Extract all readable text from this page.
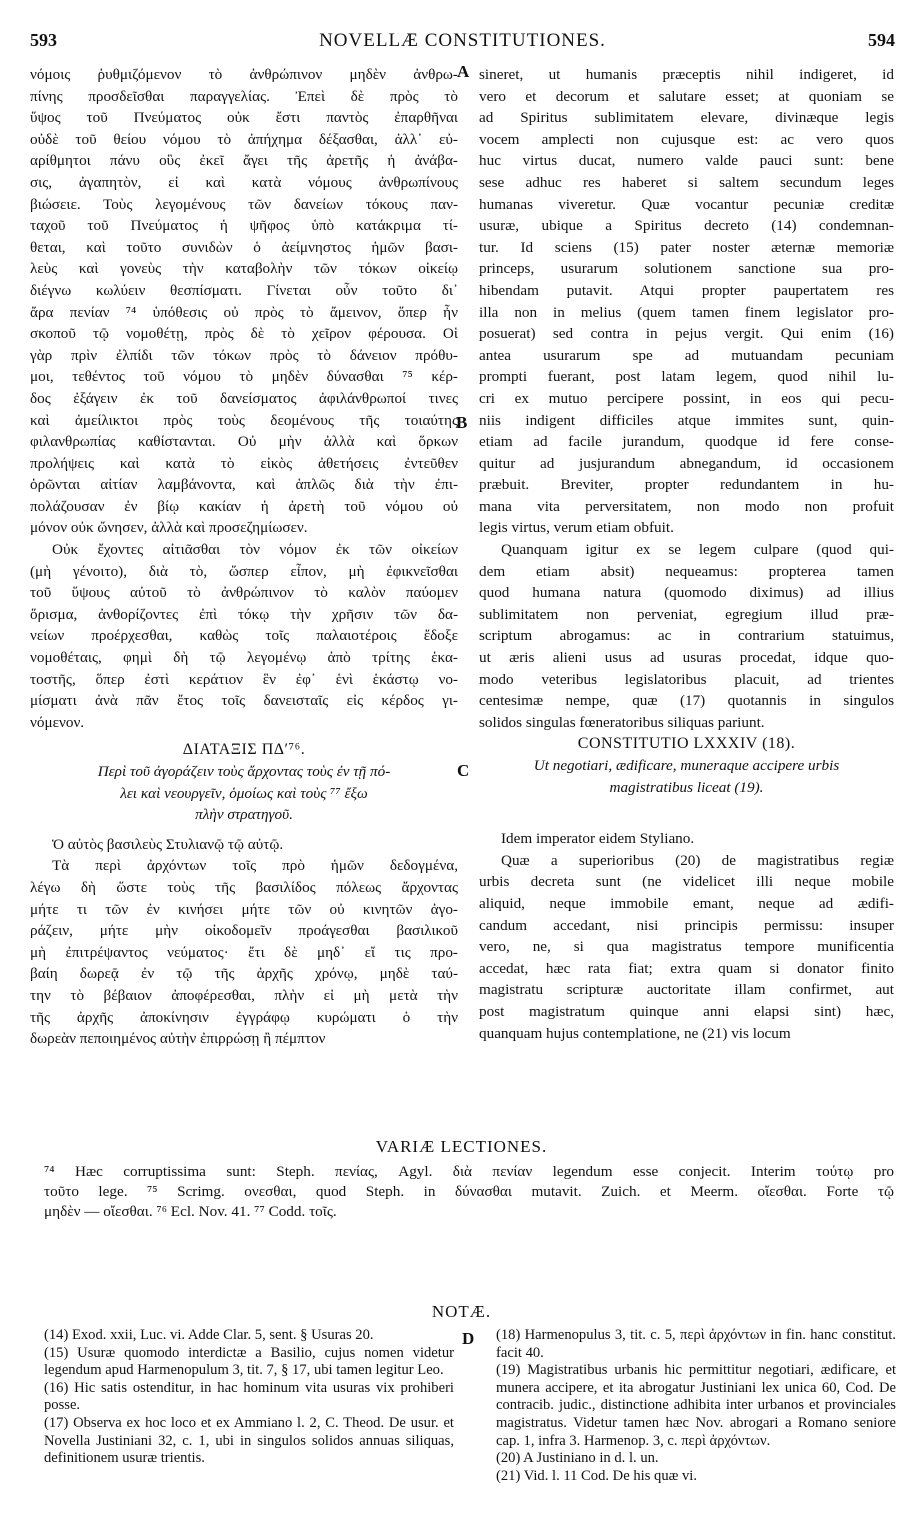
593	NOVELLÆ CONSTITUTIONES.	594
A
B
C
D

νόμοις ῥυθμιζόμενον τὸ ἀνθρώπινον μηδὲν ἀνθρω-

πίνης προσδεῖσθαι παραγγελίας. Ἐπεὶ δὲ πρὸς τὸ

ὕψος τοῦ Πνεύματος οὐκ ἔστι παντὸς ἐπαρθῆναι

οὐδὲ τοῦ θείου νόμου τὸ ἀπήχημα δέξασθαι, ἀλλ᾽ εὐ-

αρίθμητοι πάνυ οὓς ἐκεῖ ἄγει τῆς ἀρετῆς ἡ ἀνάβα-

σις, ἀγαπητὸν, εἰ καὶ κατὰ νόμους ἀνθρωπίνους

βιώσειε. Τοὺς λεγομένους τῶν δανείων τόκους παν-

ταχοῦ τοῦ Πνεύματος ἡ ψῆφος ὑπὸ κατάκριμα τί-

θεται, καὶ τοῦτο συνιδὼν ὁ ἀείμνηστος ἡμῶν βασι-

λεὺς καὶ γονεὺς τὴν καταβολὴν τῶν τόκων οἰκείῳ

διέγνω κωλύειν θεσπίσματι. Γίνεται οὖν τοῦτο δι᾽

ἄρα πενίαν ⁷⁴ ὑπόθεσις οὐ πρὸς τὸ ἄμεινον, ὅπερ ἦν

σκοποῦ τῷ νομοθέτῃ, πρὸς δὲ τὸ χεῖρον φέρουσα. Οἱ

γὰρ πρὶν ἐλπίδι τῶν τόκων πρὸς τὸ δάνειον πρόθυ-

μοι, τεθέντος τοῦ νόμου τὸ μηδὲν δύνασθαι ⁷⁵ κέρ-

δος ἐξάγειν ἐκ τοῦ δανείσματος ἀφιλάνθρωποί τινες

καὶ ἀμείλικτοι πρὸς τοὺς δεομένους τῆς τοιαύτης

φιλανθρωπίας καθίστανται. Οὐ μὴν ἀλλὰ καὶ ὅρκων

προλήψεις καὶ κατὰ τὸ εἰκὸς ἀθετήσεις ἐντεῦθεν

ὁρῶνται αἰτίαν λαμβάνοντα, καὶ ἁπλῶς διὰ τὴν ἐπι-

πολάζουσαν ἐν βίῳ κακίαν ἡ ἀρετὴ τοῦ νόμου οὐ

μόνον οὐκ ὤνησεν, ἀλλὰ καὶ προσεζημίωσεν.

Οὐκ ἔχοντες αἰτιᾶσθαι τὸν νόμον ἐκ τῶν οἰκείων

(μὴ γένοιτο), διὰ τὸ, ὥσπερ εἶπον, μὴ ἐφικνεῖσθαι

τοῦ ὕψους αὐτοῦ τὸ ἀνθρώπινον τὸ καλὸν παύομεν

ὅρισμα, ἀνθορίζοντες ἐπὶ τόκῳ τὴν χρῆσιν τῶν δα-

νείων προέρχεσθαι, καθὼς τοῖς παλαιοτέροις ἔδοξε

νομοθέταις, φημὶ δὴ τῷ λεγομένῳ ἀπὸ τρίτης ἑκα-

τοστῆς, ὅπερ ἐστὶ κεράτιον ἓν ἐφ᾽ ἑνὶ ἑκάστῳ νο-

μίσματι ἀνὰ πᾶν ἔτος τοῖς δανεισταῖς εἰς κέρδος γι-

νόμενον.

ΔΙΑΤΑΞΙΣ ΠΔ′⁷⁶.

Περὶ τοῦ ἀγοράζειν τοὺς ἄρχοντας τοὺς ἐν τῇ πό-

λει καὶ νεουργεῖν, ὁμοίως καὶ τοὺς ⁷⁷ ἔξω

πλὴν στρατηγοῦ.

Ὁ αὐτὸς βασιλεὺς Στυλιανῷ τῷ αὐτῷ.

Τὰ περὶ ἀρχόντων τοῖς πρὸ ἡμῶν δεδογμένα,

λέγω δὴ ὥστε τοὺς τῆς βασιλίδος πόλεως ἄρχοντας

μήτε τι τῶν ἐν κινήσει μήτε τῶν οὐ κινητῶν ἀγο-

ράζειν, μήτε μὴν οἰκοδομεῖν προάγεσθαι βασιλικοῦ

μὴ ἐπιτρέψαντος νεύματος· ἔτι δὲ μηδ᾽ εἴ τις προ-

βαίη δωρεᾷ ἐν τῷ τῆς ἀρχῆς χρόνῳ, μηδὲ ταύ-

την τὸ βέβαιον ἀποφέρεσθαι, πλὴν εἰ μὴ μετὰ τὴν

τῆς ἀρχῆς ἀποκίνησιν ἐγγράφῳ κυρώματι ὁ τὴν

δωρεὰν πεποιημένος αὐτὴν ἐπιρρώσῃ ἢ πέμπτον

sineret, ut humanis præceptis nihil indigeret, id

vero et decorum et salutare esset; at quoniam se

ad Spiritus sublimitatem elevare, divinæque legis

vocem amplecti non cujusque est: ac vero quos

huc virtus ducat, numero valde pauci sunt: bene

sese adhuc res haberet si saltem secundum leges

humanas viveretur. Quæ vocantur pecuniæ creditæ

usuræ, ubique a Spiritus decreto (14) condemnan-

tur. Id sciens (15) pater noster æternæ memoriæ

princeps, usurarum solutionem sanctione sua pro-

hibendam putavit. Atqui propter paupertatem res

illa non in melius (quem tamen finem legislator pro-

posuerat) sed contra in pejus vergit. Qui enim (16)

antea usurarum spe ad mutuandam pecuniam

prompti fuerant, post latam legem, quod nihil lu-

cri ex mutuo percipere possint, in eos qui pecu-

niis indigent difficiles atque immites sunt, quin-

etiam ad facile jurandum, quodque id fere conse-

quitur ad jusjurandum abnegandum, id occasionem

præbuit. Breviter, propter redundantem in hu-

mana vita perversitatem, non modo non profuit

legis virtus, verum etiam obfuit.

Quanquam igitur ex se legem culpare (quod qui-

dem etiam absit) nequeamus: propterea tamen

quod humana natura (quomodo diximus) ad illius

sublimitatem non perveniat, egregium illud præ-

scriptum abrogamus: ac in contrarium statuimus,

ut æris alieni usus ad usuras procedat, idque quo-

modo veteribus legislatoribus placuit, ad trientes

centesimæ nempe, quæ (17) quotannis in singulos

solidos singulas fœneratoribus siliquas pariunt.

CONSTITUTIO LXXXIV (18).

Ut negotiari, ædificare, muneraque accipere urbis

magistratibus liceat (19).

Idem imperator eidem Styliano.

Quæ a superioribus (20) de magistratibus regiæ

urbis decreta sunt (ne videlicet illi neque mobile

aliquid, neque immobile emant, neque ad ædifi-

candum accedant, nisi principis permissu: insuper

vero, ne, si qua magistratus tempore munificentia

accedat, hæc rata fiat; extra quam si donator finito

magistratu scripturæ auctoritate illam confirmet, aut

post magistratum quinque anni elapsi sint) hæc,

quanquam hujus contemplatione, ne (21) vis locum

VARIÆ LECTIONES.

⁷⁴ Hæc corruptissima sunt: Steph. πενίας, Agyl. διὰ πενίαν legendum esse conjecit. Interim τούτῳ pro

τοῦτο lege. ⁷⁵ Scrimg. ονεσθαι, quod Steph. in δύνασθαι mutavit. Zuich. et Meerm. οἴεσθαι. Forte τῷ

μηδὲν — οἴεσθαι. ⁷⁶ Ecl. Nov. 41. ⁷⁷ Codd. τοῖς.

NOTÆ.

(14) Exod. xxii, Luc. vi. Adde Clar. 5, sent. § Usuras 20.

(15) Usuræ quomodo interdictæ a Basilio, cujus nomen videtur legendum apud Harmenopulum 3, tit. 7, § 17, ubi tamen legitur Leo.

(16) Hic satis ostenditur, in hac hominum vita usuras vix prohiberi posse.

(17) Observa ex hoc loco et ex Ammiano l. 2, C. Theod. De usur. et Novella Justiniani 32, c. 1, ubi in singulos solidos annuas siliquas, definitionem usuræ trientis.

(18) Harmenopulus 3, tit. c. 5, περὶ ἀρχόντων in fin. hanc constitut. facit 40.

(19) Magistratibus urbanis hic permittitur negotiari, ædificare, et munera accipere, et ita abrogatur Justiniani lex unica 60, Cod. De contracib. judic., distinctione adhibita inter urbanos et provinciales magistratus. Videtur tamen hæc Nov. abrogari a Romano seniore cap. 1, infra 3. Harmenop. 3, c. περὶ ἀρχόντων.

(20) A Justiniano in d. l. un.

(21) Vid. l. 11 Cod. De his quæ vi.
